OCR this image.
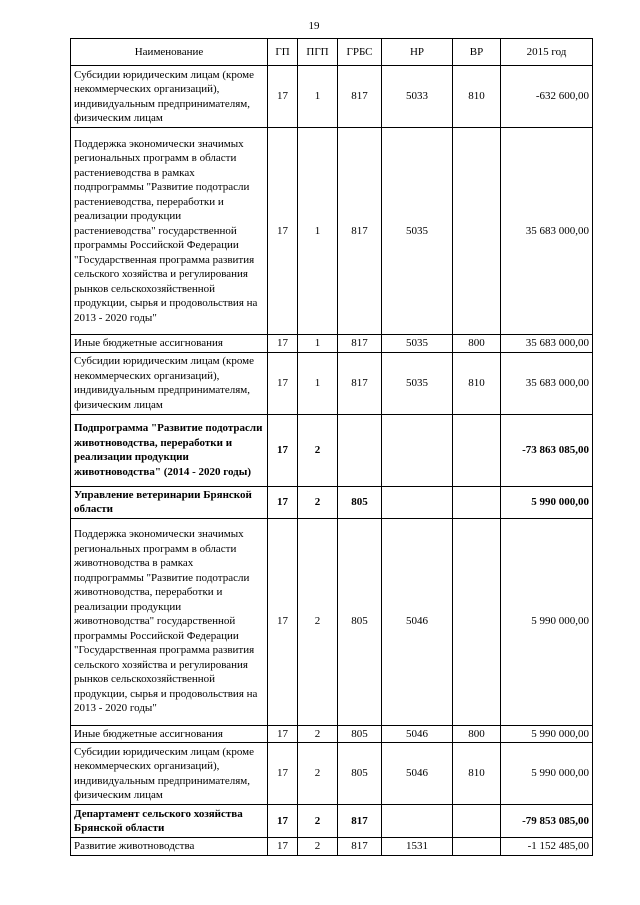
19
Наименование	ГП	ПГП	ГРБС	НР	ВР	2015 год
Субсидии юридическим лицам (кроме некоммерческих организаций), индивидуальным предпринимателям, физическим лицам	17	1	817	5033	810	-632 600,00
Поддержка экономически значимых региональных программ в области растениеводства в рамках подпрограммы "Развитие подотрасли растениеводства, переработки и реализации продукции растениеводства" государственной программы Российской Федерации "Государственная программа развития сельского хозяйства и регулирования рынков сельскохозяйственной продукции, сырья и продовольствия на 2013 - 2020 годы"	17	1	817	5035		35 683 000,00
Иные бюджетные ассигнования	17	1	817	5035	800	35 683 000,00
Субсидии юридическим лицам (кроме некоммерческих организаций), индивидуальным предпринимателям, физическим лицам	17	1	817	5035	810	35 683 000,00
Подпрограмма "Развитие подотрасли животноводства, переработки и реализации продукции животноводства" (2014 - 2020 годы)	17	2				-73 863 085,00
Управление ветеринарии Брянской области	17	2	805			5 990 000,00
Поддержка экономически значимых региональных программ в области животноводства в рамках подпрограммы "Развитие подотрасли животноводства, переработки и реализации продукции животноводства" государственной программы Российской Федерации "Государственная программа развития сельского хозяйства и регулирования рынков сельскохозяйственной продукции, сырья и продовольствия на 2013 - 2020 годы"	17	2	805	5046		5 990 000,00
Иные бюджетные ассигнования	17	2	805	5046	800	5 990 000,00
Субсидии юридическим лицам (кроме некоммерческих организаций), индивидуальным предпринимателям, физическим лицам	17	2	805	5046	810	5 990 000,00
Департамент сельского хозяйства Брянской области	17	2	817			-79 853 085,00
Развитие животноводства	17	2	817	1531		-1 152 485,00
